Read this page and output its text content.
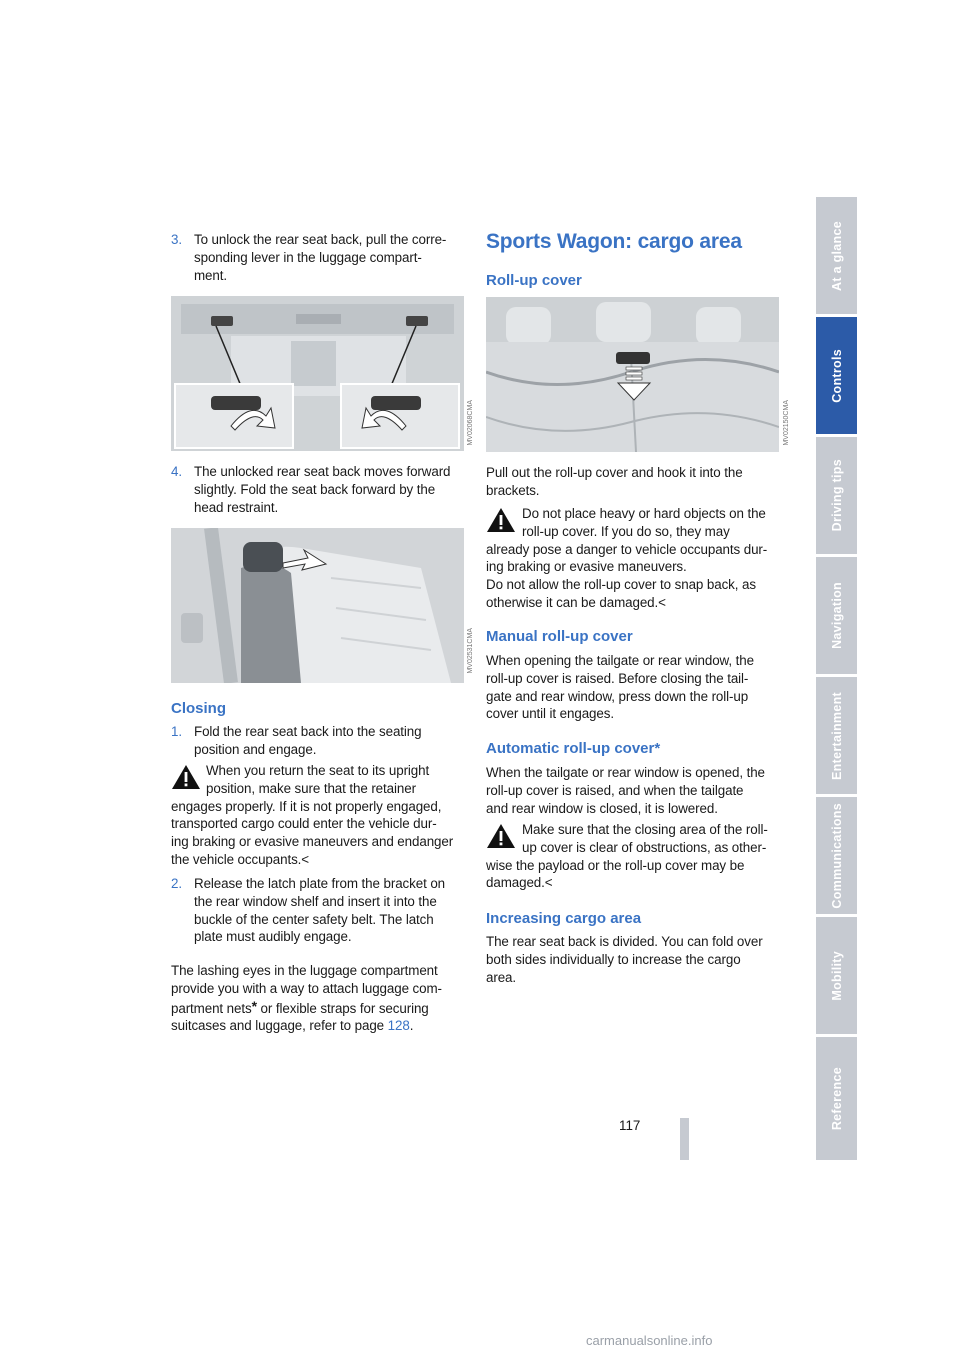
3. To unlock the rear seat back, pull the corre-

sponding lever in the luggage compart-

ment.

MV02068CMA
4. The unlocked rear seat back moves forward

slightly. Fold the seat back forward by the

head restraint.

MV02531CMA
Closing
1. Fold the rear seat back into the seating

position and engage.

When you return the seat to its upright

position, make sure that the retainer

engages properly. If it is not properly engaged,

transported cargo could enter the vehicle dur-

ing braking or evasive maneuvers and endanger

the vehicle occupants.<

2. Release the latch plate from the bracket on

the rear window shelf and insert it into the

buckle of the center safety belt. The latch

plate must audibly engage.

The lashing eyes in the luggage compartment

provide you with a way to attach luggage com-

partment nets* or flexible straps for securing

suitcases and luggage, refer to page 128.

Sports Wagon: cargo area
Roll-up cover
MV02150CMA

Pull out the roll-up cover and hook it into the

brackets.

Do not place heavy or hard objects on the

roll-up cover. If you do so, they may

already pose a danger to vehicle occupants dur-

ing braking or evasive maneuvers.

Do not allow the roll-up cover to snap back, as

otherwise it can be damaged.<

Manual roll-up cover

When opening the tailgate or rear window, the

roll-up cover is raised. Before closing the tail-

gate and rear window, press down the roll-up

cover until it engages.

Automatic roll-up cover*

When the tailgate or rear window is opened, the

roll-up cover is raised, and when the tailgate

and rear window is closed, it is lowered.

Make sure that the closing area of the roll-

up cover is clear of obstructions, as other-

wise the payload or the roll-up cover may be

damaged.<

Increasing cargo area

The rear seat back is divided. You can fold over

both sides individually to increase the cargo

area.

At a glance
Controls
Driving tips
Navigation
Entertainment
Communications
Mobility
Reference
117
carmanualsonline.info
